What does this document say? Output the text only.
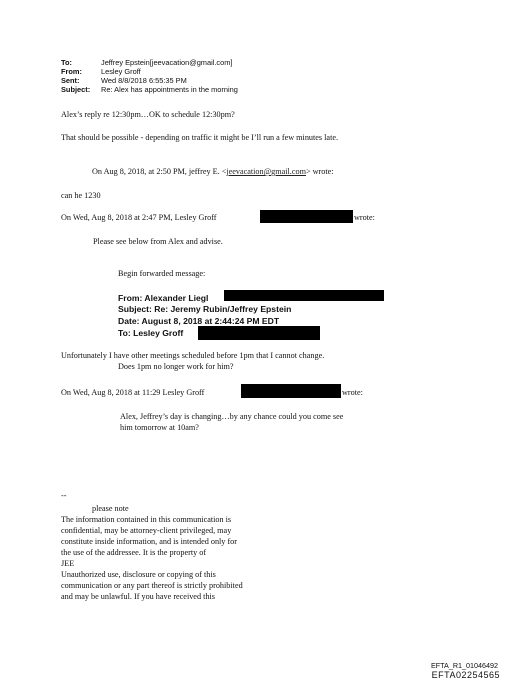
To:	Jeffrey Epstein[jeevacation@gmail.com]
From:	Lesley Groff
Sent:	Wed 8/8/2018 6:55:35 PM
Subject: Re: Alex has appointments in the morning
Alex’s reply re 12:30pm…OK to schedule 12:30pm?
That should be possible - depending on traffic it might be I’ll run a few minutes late.
On Aug 8, 2018, at 2:50 PM, jeffrey E. <jeevacation@gmail.com> wrote:
can he 1230
On Wed, Aug 8, 2018 at 2:47 PM, Lesley Groff	wrote:
Please see below from Alex and advise.
Begin forwarded message:
From: Alexander Liegl
Subject: Re: Jeremy Rubin/Jeffrey Epstein
Date: August 8, 2018 at 2:44:24 PM EDT
To: Lesley Groff
Unfortunately I have other meetings scheduled before 1pm that I cannot change.
Does 1pm no longer work for him?
On Wed, Aug 8, 2018 at 11:29 Lesley Groff	wrote:
Alex, Jeffrey’s day is changing…by any chance could you come see
him tomorrow at 10am?
--
please note
The information contained in this communication is
confidential, may be attorney-client privileged, may
constitute inside information, and is intended only for
the use of the addressee. It is the property of
JEE
Unauthorized use, disclosure or copying of this
communication or any part thereof is strictly prohibited
and may be unlawful. If you have received this
EFTA_R1_01046492
EFTA02254565
